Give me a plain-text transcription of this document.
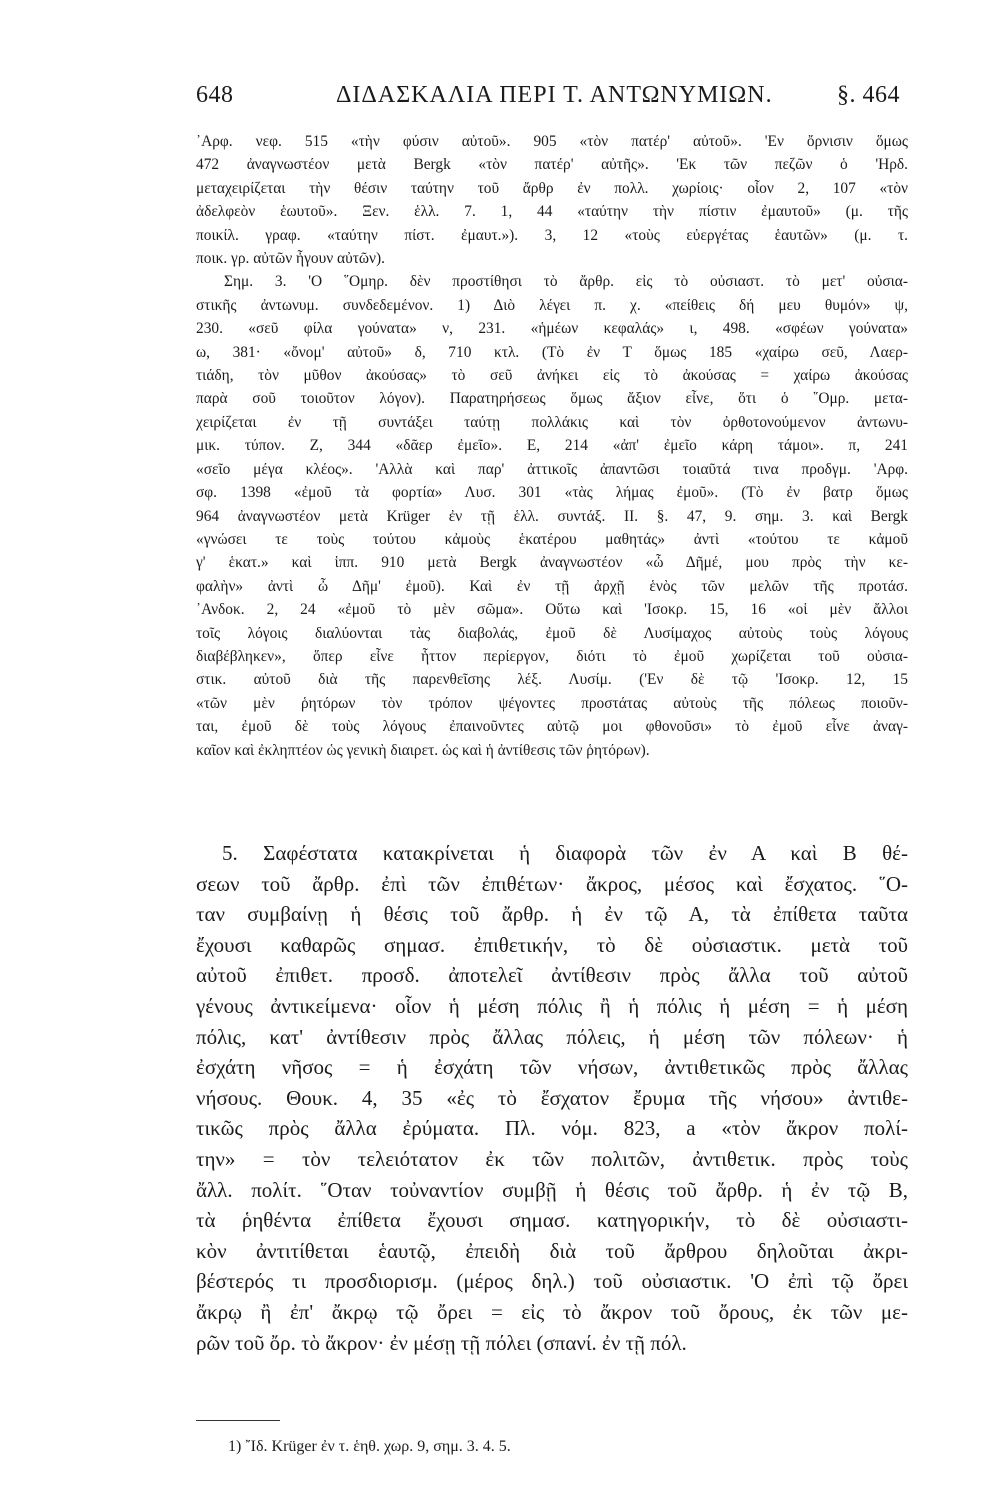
648	ΔΙΔΑΣΚΑΛΙΑ ΠΕΡΙ Τ. ΑΝΤΩΝΥΜΙΩΝ.	§. 464
᾿Αρφ. νεφ. 515 «τὴν φύσιν αὐτοῦ». 905 «τὸν πατέρ' αὐτοῦ». 'Εν ὄρνισιν ὅμως
472 ἀναγνωστέον μετὰ Bergk «τὸν πατέρ' αὐτῆς». 'Εκ τῶν πεζῶν ὁ 'Ηρδ.
μεταχειρίζεται τὴν θέσιν ταύτην τοῦ ἄρθρ ἐν πολλ. χωρίοις· οἷον 2, 107 «τὸν
ἀδελφεὸν ἑωυτοῦ». Ξεν. ἑλλ. 7. 1, 44 «ταύτην τὴν πίστιν ἐμαυτοῦ» (μ. τῆς
ποικίλ. γραφ. «ταύτην πίστ. ἐμαυτ.»). 3, 12 «τοὺς εὐεργέτας ἑαυτῶν» (μ. τ.
ποικ. γρ. αὐτῶν ἦγουν αὐτῶν).
Σημ. 3. 'Ο ῞Ομηρ. δὲν προστίθησι τὸ ἄρθρ. εἰς τὸ οὐσιαστ. τὸ μετ' οὐσια-
στικῆς ἀντωνυμ. συνδεδεμένον. 1) Διὸ λέγει π. χ. «πείθεις δή μευ θυμόν» ψ,
230. «σεῦ φίλα γούνατα» ν, 231. «ἡμέων κεφαλάς» ι, 498. «σφέων γούνατα»
ω, 381· «ὄνομ' αὐτοῦ» δ, 710 κτλ. (Τὸ ἐν Τ ὅμως 185 «χαίρω σεῦ, Λαερ-
τιάδη, τὸν μῦθον ἀκούσας» τὸ σεῦ ἀνήκει εἰς τὸ ἀκούσας = χαίρω ἀκούσας
παρὰ σοῦ τοιοῦτον λόγον). Παρατηρήσεως ὅμως ἄξιον εἶνε, ὅτι ὁ ῞Ομρ. μετα-
χειρίζεται ἐν τῇ συντάξει ταύτῃ πολλάκις καὶ τὸν ὀρθοτονούμενον ἀντωνυ-
μικ. τύπον. Ζ, 344 «δᾶερ ἐμεῖο». Ε, 214 «ἀπ' ἐμεῖο κάρη τάμοι». π, 241
«σεῖο μέγα κλέος». 'Αλλὰ καὶ παρ' ἀττικοῖς ἀπαντῶσι τοιαῦτά τινα προδγμ. 'Αρφ.
σφ. 1398 «ἐμοῦ τὰ φορτία» Λυσ. 301 «τὰς λήμας ἐμοῦ». (Τὸ ἐν βατρ ὅμως
964 ἀναγνωστέον μετὰ Krüger ἐν τῇ ἑλλ. συντάξ. ΙΙ. §. 47, 9. σημ. 3. καὶ Bergk
«γνώσει τε τοὺς τούτου κἀμοὺς ἑκατέρου μαθητάς» ἀντὶ «τούτου τε κἀμοῦ
γ' ἑκατ.» καὶ ἱππ. 910 μετὰ Bergk ἀναγνωστέον «ὦ Δῆμέ, μου πρὸς τὴν κε-
φαλὴν» ἀντὶ ὦ Δῆμ' ἐμοῦ). Καὶ ἐν τῇ ἀρχῇ ἑνὸς τῶν μελῶν τῆς προτάσ.
᾿Ανδοκ. 2, 24 «ἐμοῦ τὸ μὲν σῶμα». Οὕτω καὶ 'Ισοκρ. 15, 16 «οἱ μὲν ἄλλοι
τοῖς λόγοις διαλύονται τὰς διαβολάς, ἐμοῦ δὲ Λυσίμαχος αὐτοὺς τοὺς λόγους
διαβέβληκεν», ὅπερ εἶνε ἧττον περίεργον, διότι τὸ ἐμοῦ χωρίζεται τοῦ οὐσια-
στικ. αὐτοῦ διὰ τῆς παρενθεῖσης λέξ. Λυσίμ. ('Εν δὲ τῷ 'Ισοκρ. 12, 15
«τῶν μὲν ῥητόρων τὸν τρόπον ψέγοντες προστάτας αὐτοὺς τῆς πόλεως ποιοῦν-
ται, ἐμοῦ δὲ τοὺς λόγους ἐπαινοῦντες αὐτῷ μοι φθονοῦσι» τὸ ἐμοῦ εἶνε ἀναγ-
καῖον καὶ ἐκληπτέον ὡς γενικὴ διαιρετ. ὡς καὶ ἡ ἀντίθεσις τῶν ῥητόρων).
5. Σαφέστατα κατακρίνεται ἡ διαφορὰ τῶν ἐν Α καὶ Β θέ-
σεων τοῦ ἄρθρ. ἐπὶ τῶν ἐπιθέτων· ἄκρος, μέσος καὶ ἔσχατος. ῞Ο-
ταν συμβαίνῃ ἡ θέσις τοῦ ἄρθρ. ἡ ἐν τῷ Α, τὰ ἐπίθετα ταῦτα
ἔχουσι καθαρῶς σημασ. ἐπιθετικήν, τὸ δὲ οὐσιαστικ. μετὰ τοῦ
αὐτοῦ ἐπιθετ. προσδ. ἀποτελεῖ ἀντίθεσιν πρὸς ἄλλα τοῦ αὐτοῦ
γένους ἀντικείμενα· οἷον ἡ μέση πόλις ἢ ἡ πόλις ἡ μέση = ἡ μέση
πόλις, κατ' ἀντίθεσιν πρὸς ἄλλας πόλεις, ἡ μέση τῶν πόλεων· ἡ
ἐσχάτη νῆσος = ἡ ἐσχάτη τῶν νήσων, ἀντιθετικῶς πρὸς ἄλλας
νήσους. Θουκ. 4, 35 «ἐς τὸ ἔσχατον ἔρυμα τῆς νήσου» ἀντιθε-
τικῶς πρὸς ἄλλα ἐρύματα. Πλ. νόμ. 823, a «τὸν ἄκρον πολί-
την» = τὸν τελειότατον ἐκ τῶν πολιτῶν, ἀντιθετικ. πρὸς τοὺς
ἄλλ. πολίτ. ῞Οταν τοὐναντίον συμβῇ ἡ θέσις τοῦ ἄρθρ. ἡ ἐν τῷ Β,
τὰ ῥηθέντα ἐπίθετα ἔχουσι σημασ. κατηγορικήν, τὸ δὲ οὐσιαστι-
κὸν ἀντιτίθεται ἑαυτῷ, ἐπειδὴ διὰ τοῦ ἄρθρου δηλοῦται ἀκρι-
βέστερός τι προσδιορισμ. (μέρος δηλ.) τοῦ οὐσιαστικ. 'Ο ἐπὶ τῷ ὄρει
ἄκρῳ ἢ ἐπ' ἄκρῳ τῷ ὄρει = εἰς τὸ ἄκρον τοῦ ὄρους, ἐκ τῶν με-
ρῶν τοῦ ὄρ. τὸ ἄκρον· ἐν μέσῃ τῇ πόλει (σπανί. ἐν τῇ πόλ.
1) ῎Ιδ. Krüger ἐν τ. ἑηθ. χωρ. 9, σημ. 3. 4. 5.
